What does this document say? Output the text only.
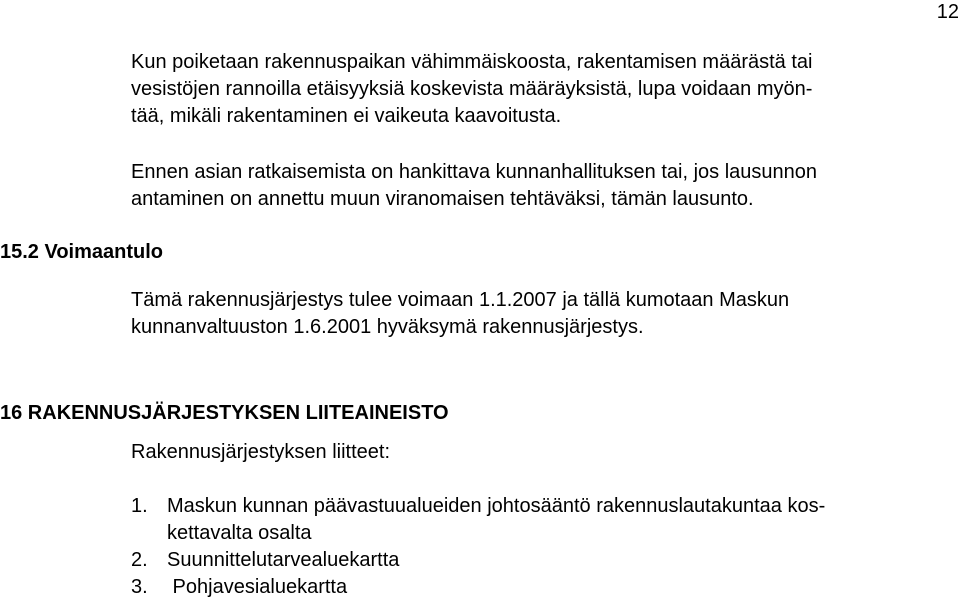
12

Kun poiketaan rakennuspaikan vähimmäiskoosta, rakentamisen määrästä tai

vesistöjen rannoilla etäisyyksiä koskevista määräyksistä, lupa voidaan myön-

tää, mikäli rakentaminen ei vaikeuta kaavoitusta.

Ennen asian ratkaisemista on hankittava kunnanhallituksen tai, jos lausunnon

antaminen on annettu muun viranomaisen tehtäväksi, tämän lausunto.

15.2 Voimaantulo

Tämä rakennusjärjestys tulee voimaan 1.1.2007 ja tällä kumotaan Maskun

kunnanvaltuuston 1.6.2001 hyväksymä rakennusjärjestys.

16 RAKENNUSJÄRJESTYKSEN LIITEAINEISTO

Rakennusjärjestyksen liitteet:

1. Maskun kunnan päävastuualueiden johtosääntö rakennuslautakuntaa kos-
kettavalta osalta
2. Suunnittelutarvealuekartta
3. Pohjavesialuekartta
